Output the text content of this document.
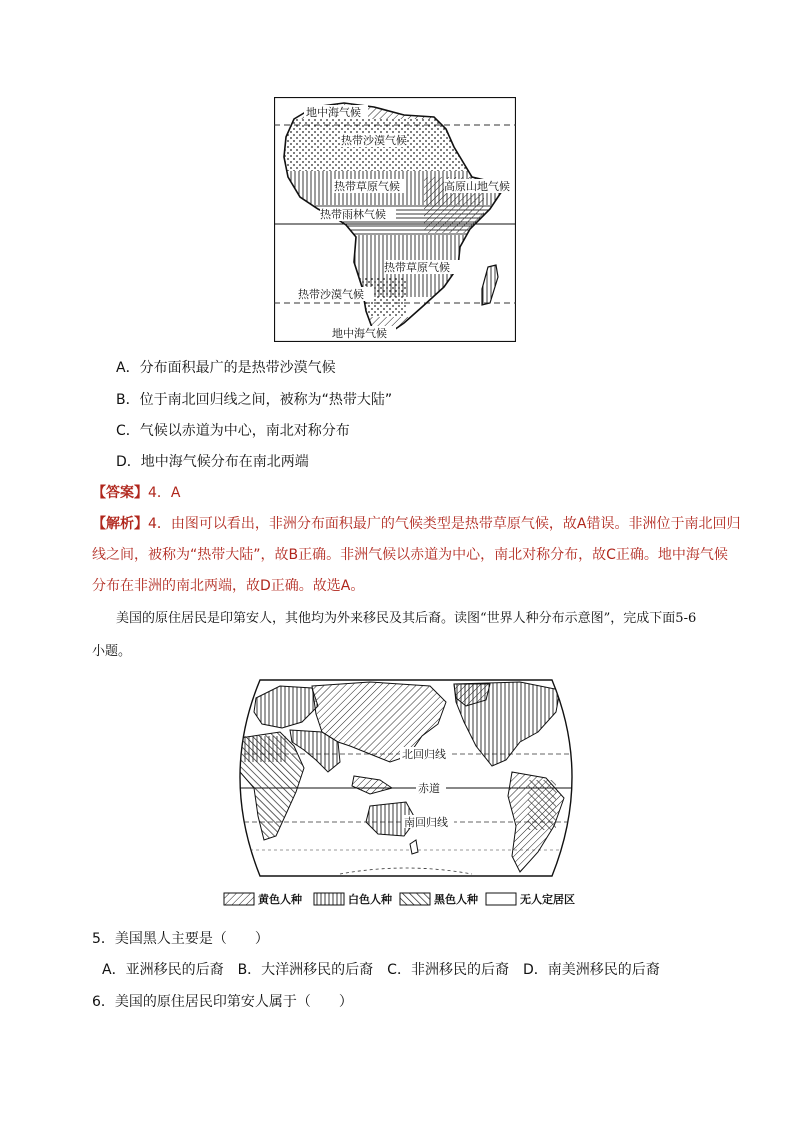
地中海气候
热带沙漠气候
热带草原气候	高原山地气候
热带雨林气候
热带草原气候
热带沙漠气候
地中海气候
A．分布面积最广的是热带沙漠气候
B．位于南北回归线之间，被称为“热带大陆”
C．气候以赤道为中心，南北对称分布
D．地中海气候分布在南北两端
【答案】4．A
【解析】4．由图可以看出，非洲分布面积最广的气候类型是热带草原气候，故A错误。非洲位于南北回归
线之间，被称为“热带大陆”，故B正确。非洲气候以赤道为中心，南北对称分布，故C正确。地中海气候
分布在非洲的南北两端，故D正确。故选A。
美国的原住居民是印第安人，其他均为外来移民及其后裔。读图“世界人种分布示意图”，完成下面5-6
小题。
北回归线
赤道
南回归线
黄色人种	白色人种	黑色人种	无人定居区
5．美国黑人主要是（　　）
A．亚洲移民的后裔　B．大洋洲移民的后裔　C．非洲移民的后裔　D．南美洲移民的后裔
6．美国的原住居民印第安人属于（　　）
